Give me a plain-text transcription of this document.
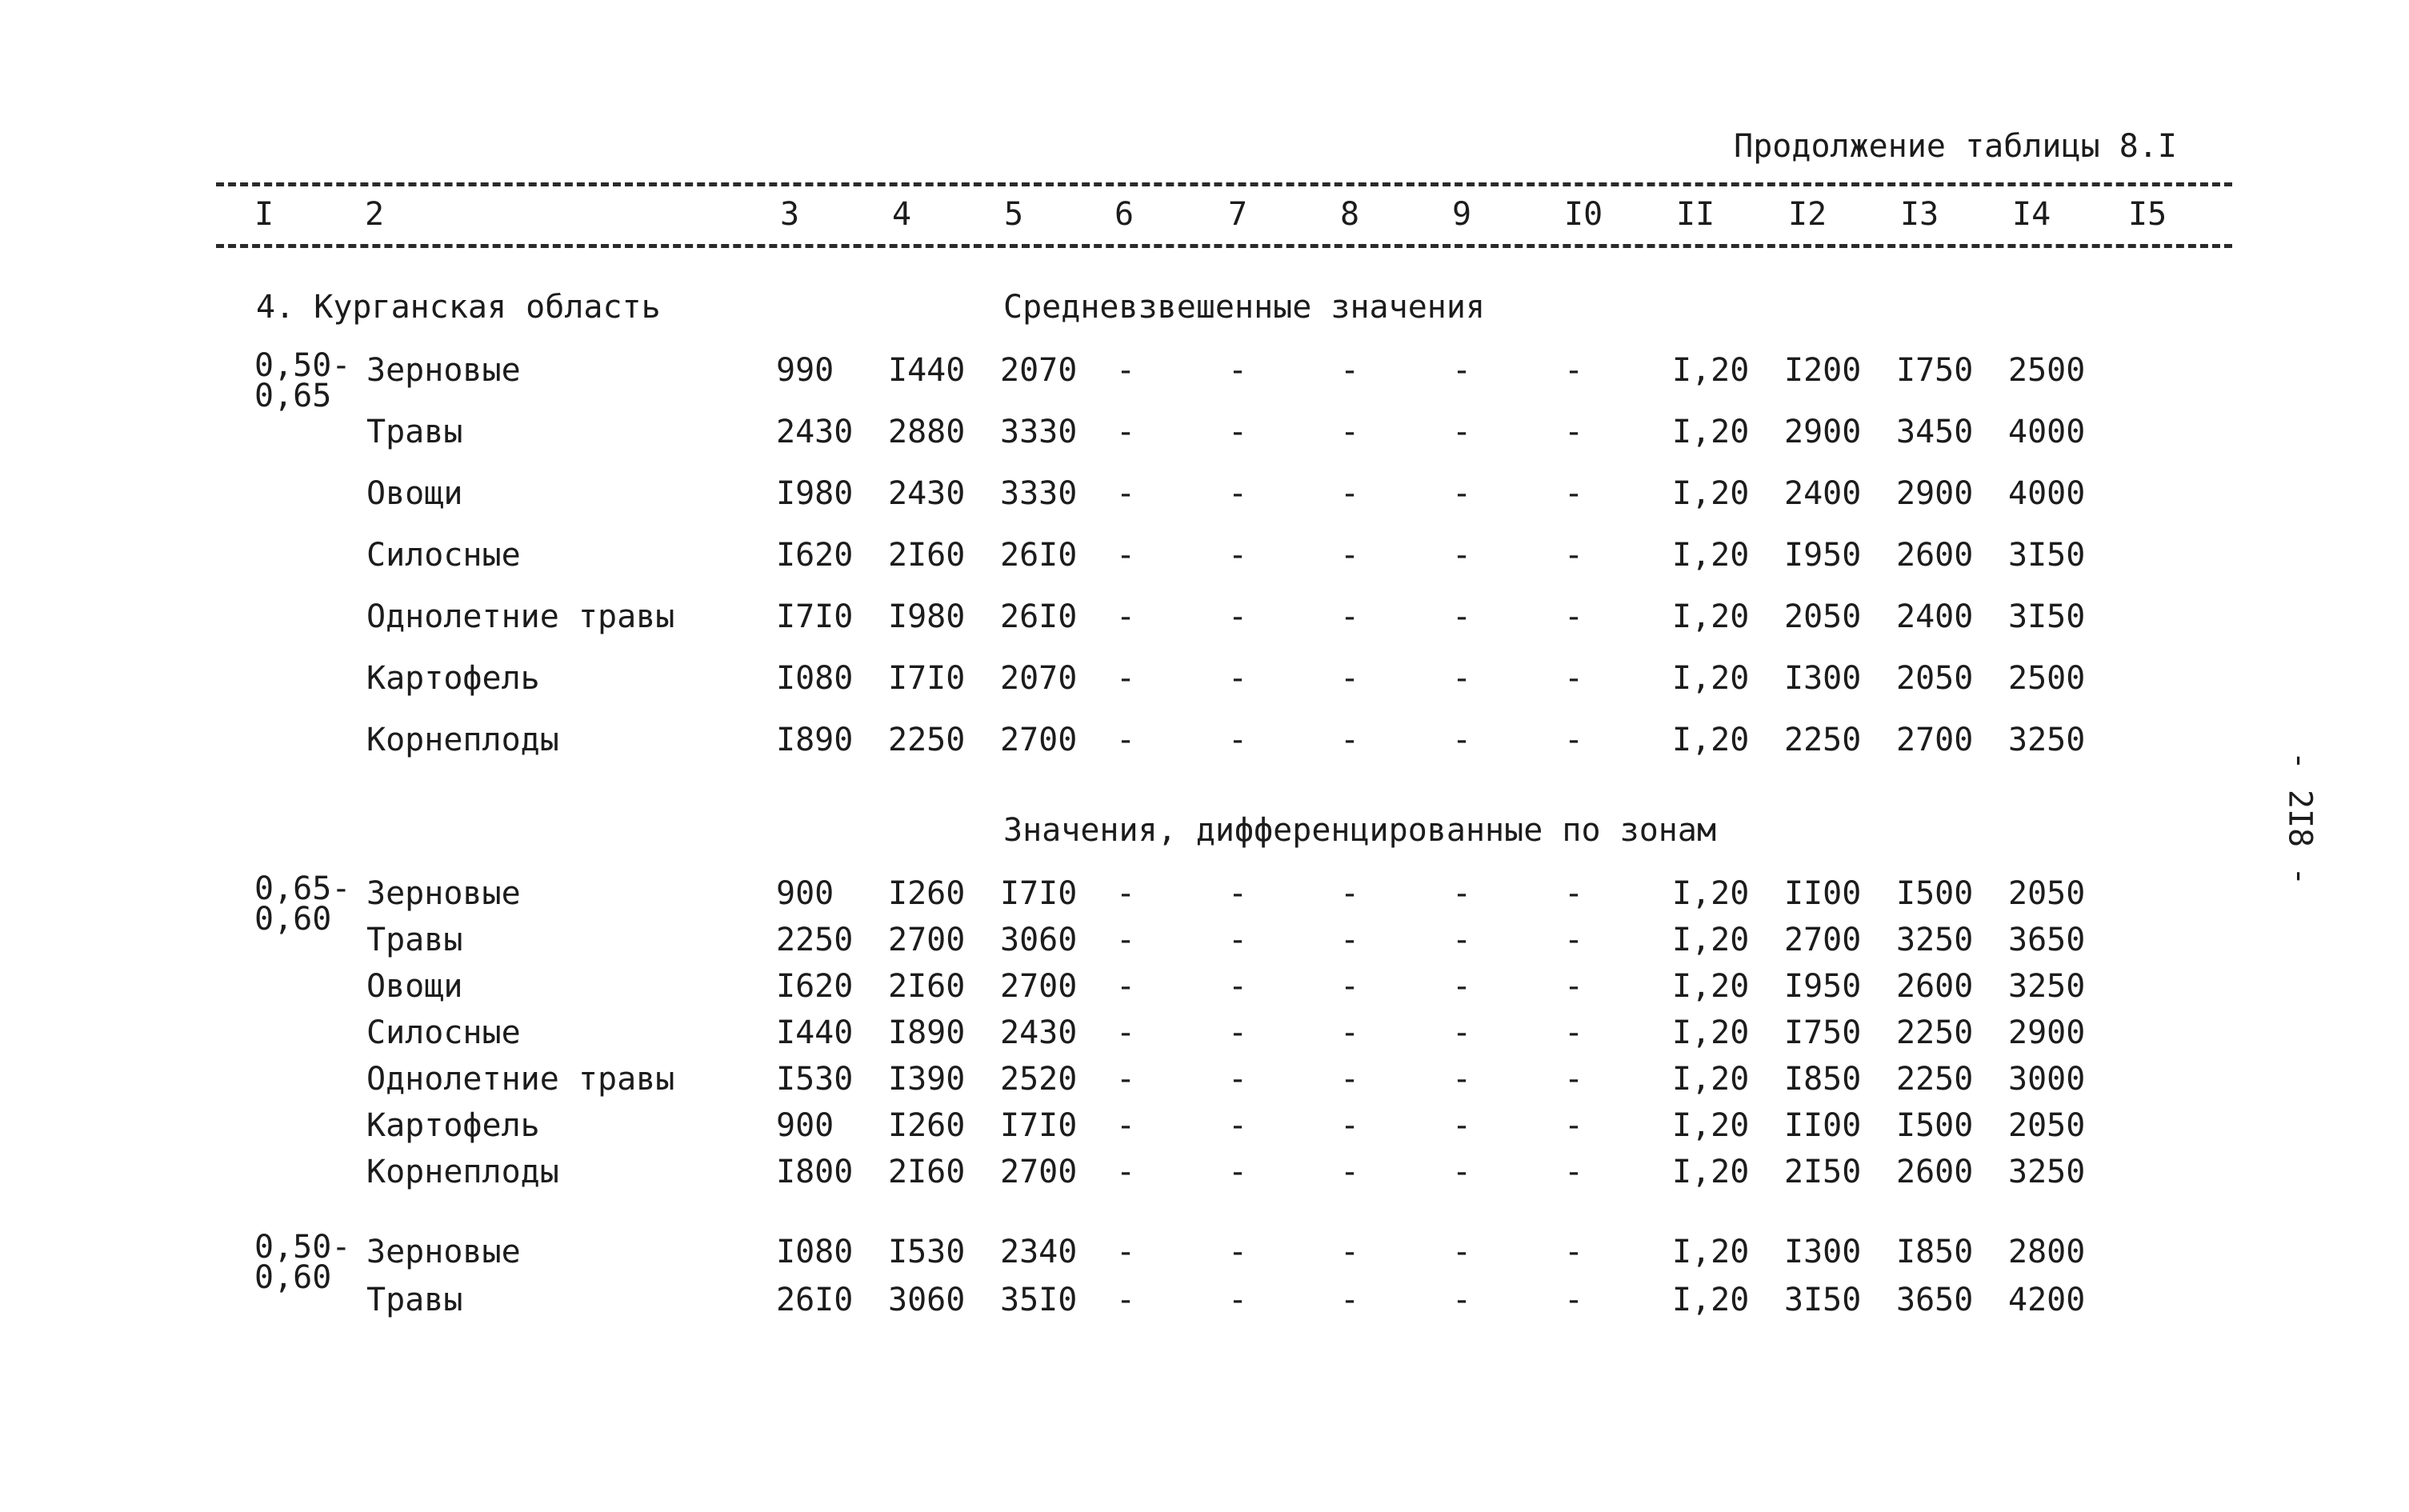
Продолжение таблицы 8.I
I	2	3	4	5	6	7	8	9	I0 II I2 I3 I4 I5
4. Курганская область	Средневзвешенные значения
0,50-
0,65
Зерновые	990 I440 2070 -	-	-	-	-	I,20 I200 I750 2500
Травы	2430 2880 3330 -	-	-	-	-	I,20 2900 3450 4000
Овощи	I980 2430 3330 -	-	-	-	-	I,20 2400 2900 4000
Силосные	I620 2I60 26I0 -	-	-	-	-	I,20 I950 2600 3I50
Однолетние травы	I7I0 I980 26I0 -	-	-	-	-	I,20 2050 2400 3I50
Картофель	I080 I7I0 2070 -	-	-	-	-	I,20 I300 2050 2500
Корнеплоды	I890 2250 2700 -	-	-	-	-	I,20 2250 2700 3250
Значения, дифференцированные по зонам
0,65-
0,60
Зерновые	900 I260 I7I0 -	-	-	-	-	I,20 II00 I500 2050
Травы	2250 2700 3060 -	-	-	-	-	I,20 2700 3250 3650
Овощи	I620 2I60 2700 -	-	-	-	-	I,20 I950 2600 3250
Силосные	I440 I890 2430 -	-	-	-	-	I,20 I750 2250 2900
Однолетние травы	I530 I390 2520 -	-	-	-	-	I,20 I850 2250 3000
Картофель	900 I260 I7I0 -	-	-	-	-	I,20 II00 I500 2050
Корнеплоды	I800 2I60 2700 -	-	-	-	-	I,20 2I50 2600 3250
0,50-
0,60
Зерновые	I080 I530 2340 -	-	-	-	-	I,20 I300 I850 2800
Травы	26I0 3060 35I0 -	-	-	-	-	I,20 3I50 3650 4200
- 2I8 -
